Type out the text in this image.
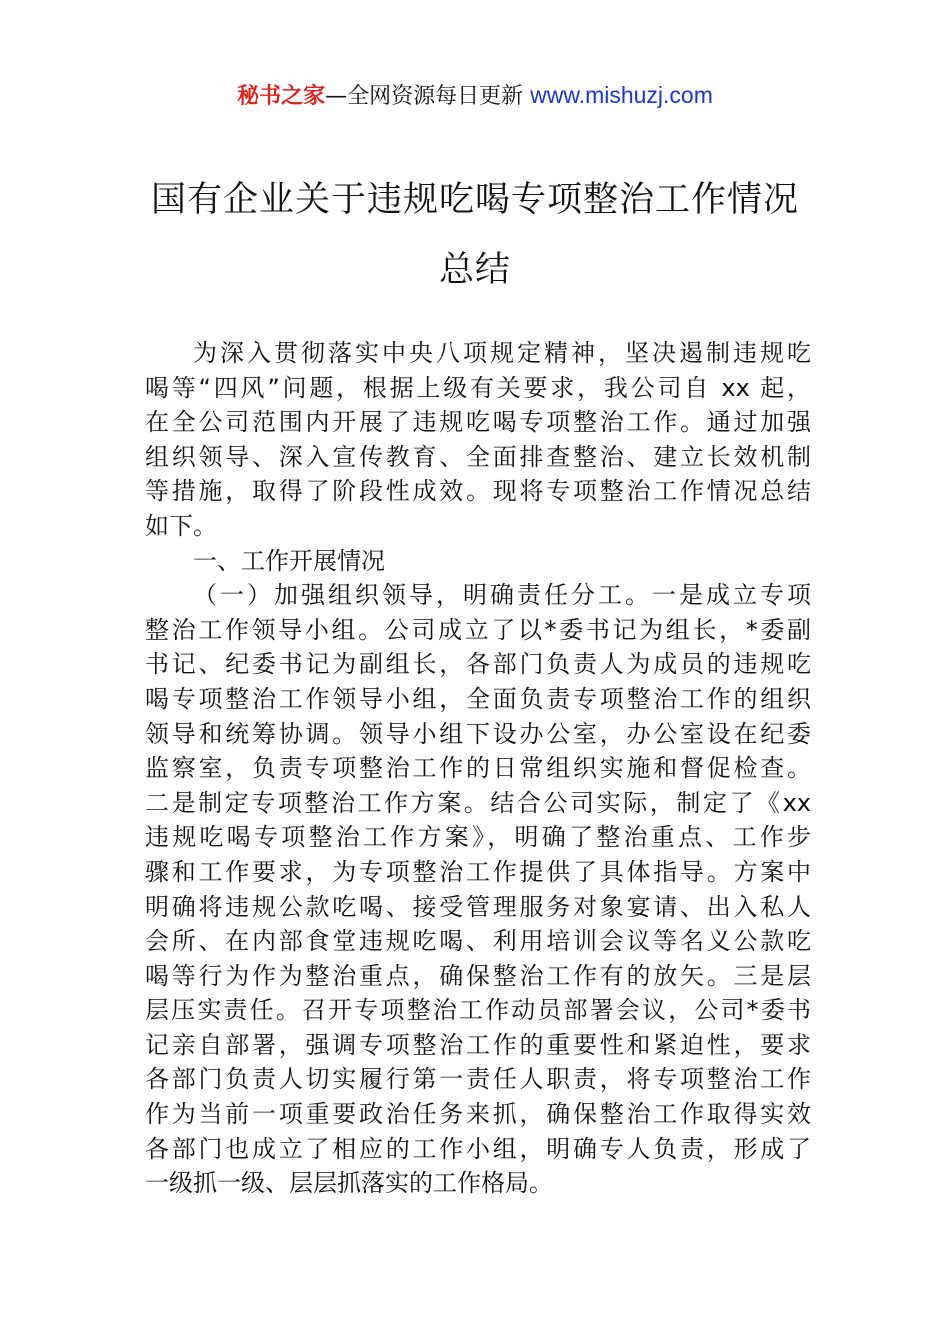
秘书之家—全网资源每日更新 www.mishuzj.com
国有企业关于违规吃喝专项整治工作情况
总结
为深入贯彻落实中央八项规定精神，坚决遏制违规吃
喝等“四风”问题，根据上级有关要求，我公司自 xx 起，
在全公司范围内开展了违规吃喝专项整治工作。通过加强
组织领导、深入宣传教育、全面排查整治、建立长效机制
等措施，取得了阶段性成效。现将专项整治工作情况总结
如下。
一、工作开展情况
（一）加强组织领导，明确责任分工。一是成立专项
整治工作领导小组。公司成立了以*委书记为组长，*委副
书记、纪委书记为副组长，各部门负责人为成员的违规吃
喝专项整治工作领导小组，全面负责专项整治工作的组织
领导和统筹协调。领导小组下设办公室，办公室设在纪委
监察室，负责专项整治工作的日常组织实施和督促检查。
二是制定专项整治工作方案。结合公司实际，制定了《xx
违规吃喝专项整治工作方案》，明确了整治重点、工作步
骤和工作要求，为专项整治工作提供了具体指导。方案中
明确将违规公款吃喝、接受管理服务对象宴请、出入私人
会所、在内部食堂违规吃喝、利用培训会议等名义公款吃
喝等行为作为整治重点，确保整治工作有的放矢。三是层
层压实责任。召开专项整治工作动员部署会议，公司*委书
记亲自部署，强调专项整治工作的重要性和紧迫性，要求
各部门负责人切实履行第一责任人职责，将专项整治工作
作为当前一项重要政治任务来抓，确保整治工作取得实效
各部门也成立了相应的工作小组，明确专人负责，形成了
一级抓一级、层层抓落实的工作格局。
